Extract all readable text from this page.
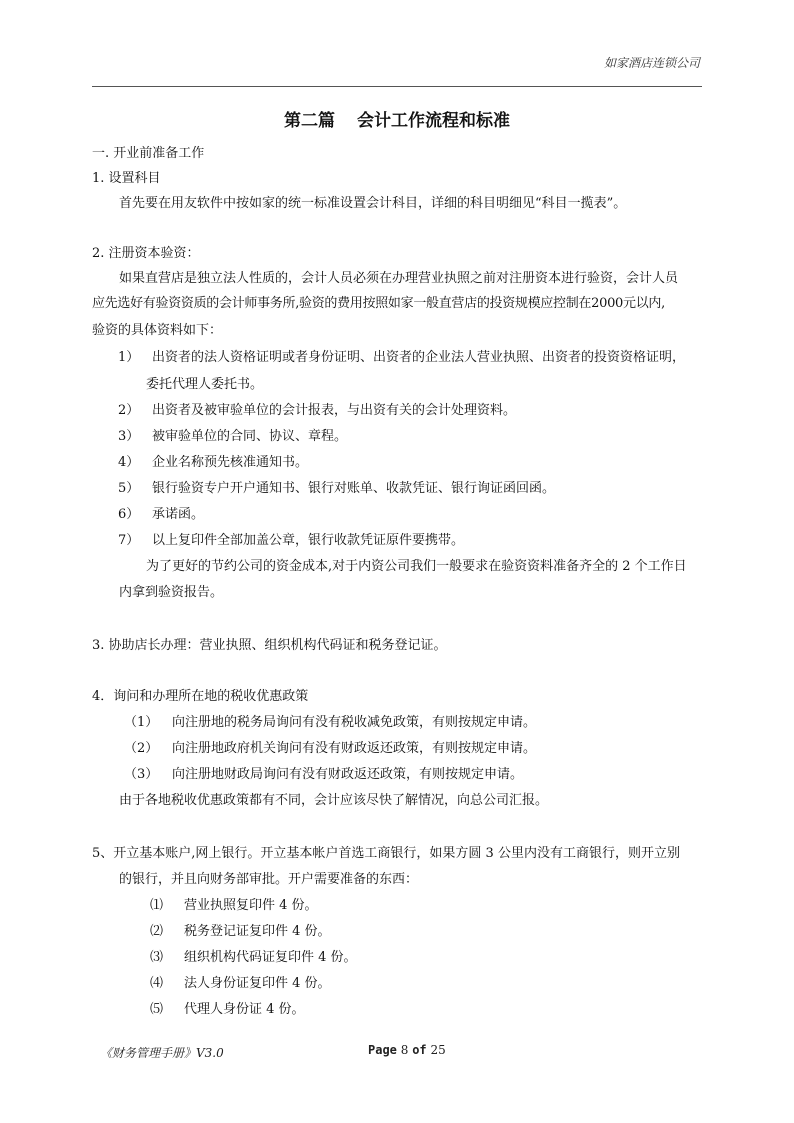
如家酒店连锁公司
第二篇 会计工作流程和标准
一. 开业前准备工作
1. 设置科目
首先要在用友软件中按如家的统一标准设置会计科目，详细的科目明细见“科目一揽表”。
2. 注册资本验资：
如果直营店是独立法人性质的，会计人员必须在办理营业执照之前对注册资本进行验资，会计人员
应先选好有验资资质的会计师事务所,验资的费用按照如家一般直营店的投资规模应控制在2000元以内,
验资的具体资料如下：
1） 出资者的法人资格证明或者身份证明、出资者的企业法人营业执照、出资者的投资资格证明，
委托代理人委托书。
2） 出资者及被审验单位的会计报表，与出资有关的会计处理资料。
3） 被审验单位的合同、协议、章程。
4） 企业名称预先核准通知书。
5） 银行验资专户开户通知书、银行对账单、收款凭证、银行询证函回函。
6） 承诺函。
7） 以上复印件全部加盖公章，银行收款凭证原件要携带。
为了更好的节约公司的资金成本,对于内资公司我们一般要求在验资资料准备齐全的 2 个工作日
内拿到验资报告。
3. 协助店长办理：营业执照、组织机构代码证和税务登记证。
4．询问和办理所在地的税收优惠政策
（1） 向注册地的税务局询问有没有税收减免政策，有则按规定申请。
（2） 向注册地政府机关询问有没有财政返还政策，有则按规定申请。
（3） 向注册地财政局询问有没有财政返还政策，有则按规定申请。
由于各地税收优惠政策都有不同，会计应该尽快了解情况，向总公司汇报。
5、开立基本账户,网上银行。开立基本帐户首选工商银行，如果方圆 3 公里内没有工商银行，则开立别
的银行，并且向财务部审批。开户需要准备的东西：
⑴ 营业执照复印件 4 份。
⑵ 税务登记证复印件 4 份。
⑶ 组织机构代码证复印件 4 份。
⑷ 法人身份证复印件 4 份。
⑸ 代理人身份证 4 份。
《财务管理手册》V3.0	Page 8 of 25
